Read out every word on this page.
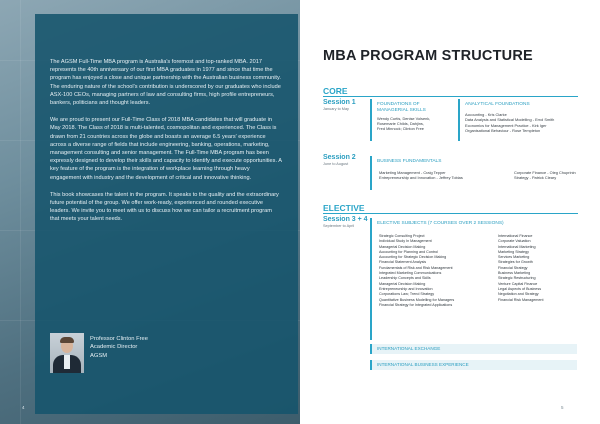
The AGSM Full-Time MBA program is Australia's foremost and top-ranked MBA. 2017 represents the 40th anniversary of our first MBA graduates in 1977 and since that time the program has enjoyed a close and unique partnership with the Australian business community. The enduring nature of the school's contribution is underscored by our graduates who include ASX-100 CEOs, managing partners of law and consulting firms, high profile entrepreneurs, bankers, politicians and thought leaders.

We are proud to present our Full-Time Class of 2018 MBA candidates that will graduate in May 2018. The Class of 2018 is multi-talented, cosmopolitan and experienced. The Class is drawn from 21 countries across the globe and boasts an average 6.5 years' experience across a diverse range of fields that include engineering, banking, operations, marketing, management consulting and senior management. The Full-Time MBA program has been expressly designed to develop their skills and capacity to identify and execute opportunities. A key feature of the program is the integration of workplace learning through heavy engagement with industry and the development of critical and innovative thinking.

This book showcases the talent in the program. It speaks to the quality and the extraordinary future potential of the group. We offer work-ready, experienced and rounded executive leaders. We invite you to meet with us to discuss how we can tailor a recruitment program that meets your talent needs.

Professor Clinton Free
Academic Director
AGSM
4
MBA PROGRAM STRUCTURE
CORE
Session 1
January to May
FOUNDATIONS OF MANAGERIAL SKILLS
Wendy Curtis, Denise Volsenk,
Rosemarie Childs, Dahjins,
Fred Minnock; Clinton Free
ANALYTICAL FOUNDATIONS
Accounting - Kris Clarke
Data Analysis and Statistical Modelling - Errol Smith
Economics for Management Practice - Kirk Iger
Organisational Behaviour - Rose Templeton
Session 2
June to August	BUSINESS FUNDAMENTALS
Marketing Management - Craig Tepper
Entrepreneurship and Innovation - Jeffrey Tobias
Corporate Finance - Oleg Chuprinin
Strategy - Patrick Cleary
ELECTIVE
Session 3 + 4
September to April	ELECTIVE SUBJECTS (7 COURSES OVER 2 SESSIONS)
Strategic Consulting Project
Individual Study In Management
Managerial Decision Making
Accounting for Planning and Control
Accounting for Strategic Decision Making
Financial Statement Analysis
Fundamentals of Risk and Risk Management
Integrated Marketing Communications
Leadership Concepts and Skills
Managerial Decision Making
Entrepreneurship and Innovation
Corporations Law; Trend Strategy
Quantitative Business Modelling for Managers
Financial Strategy for Integrated Applications
International Finance
Corporate Valuation
International Marketing
Marketing Strategy
Services Marketing
Strategies for Growth
Financial Strategy
Business Marketing
Strategic Restructuring
Venture Capital Finance
Legal Aspects of Business
Negotiation and Strategy
Financial Risk Management
INTERNATIONAL EXCHANGE
INTERNATIONAL BUSINESS EXPERIENCE
5
